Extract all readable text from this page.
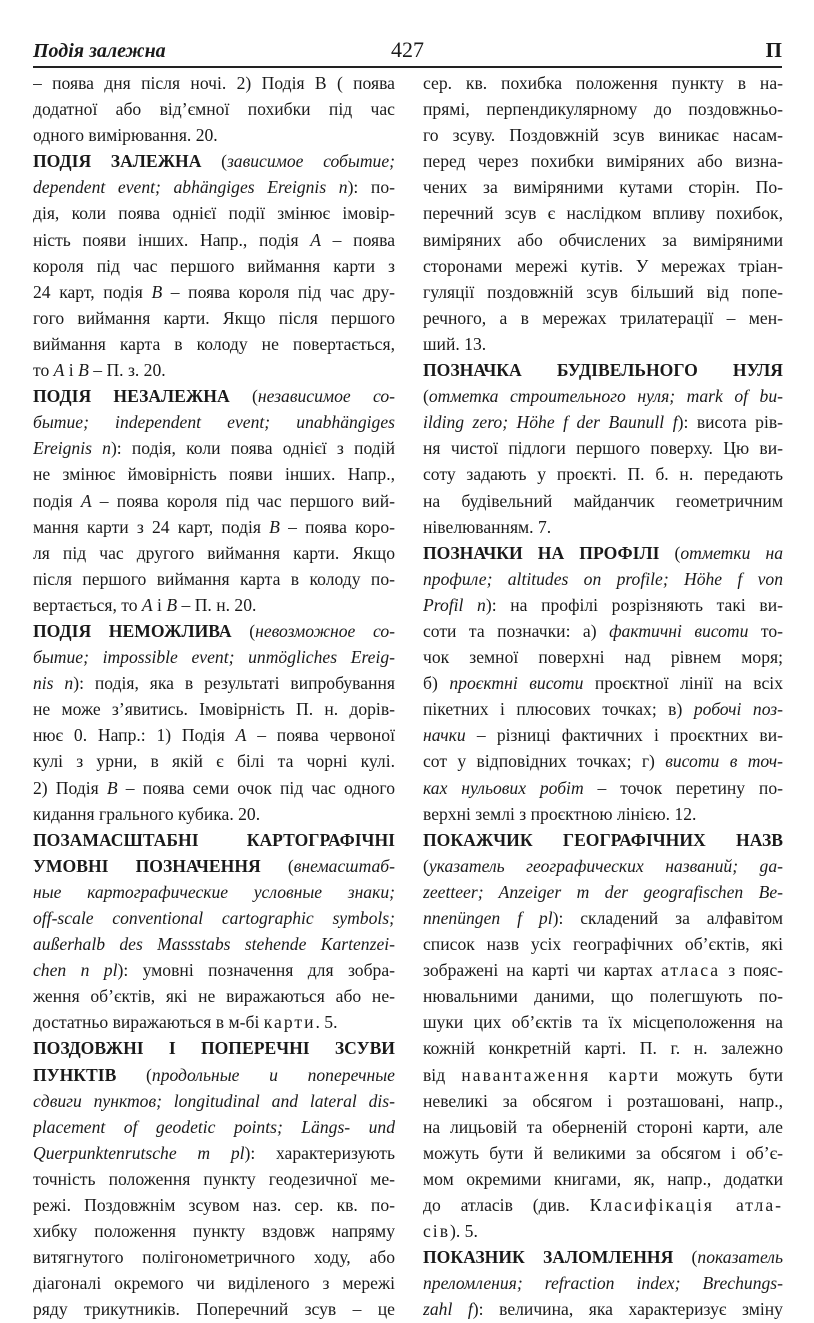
Подія залежна	427	П
– поява дня після ночі. 2) Подія В ( поява
додатної або від’ємної похибки під час
одного вимірювання. 20.
ПОДІЯ ЗАЛЕЖНА (зависимое событие;
dependent event; abhängiges Ereignis n): по-
дія, коли поява однієї події змінює імовір-
ність появи інших. Напр., подія А – поява
короля під час першого виймання карти з
24 карт, подія В – поява короля під час дру-
гого виймання карти. Якщо після першого
виймання карта в колоду не повертається,
то А і В – П. з. 20.
ПОДІЯ НЕЗАЛЕЖНА (независимое со-
бытие; independent event; unabhängiges
Ereignis n): подія, коли поява однієї з подій
не змінює ймовірність появи інших. Напр.,
подія А – поява короля під час першого вий-
мання карти з 24 карт, подія В – поява коро-
ля під час другого виймання карти. Якщо
після першого виймання карта в колоду по-
вертається, то А і В – П. н. 20.
ПОДІЯ НЕМОЖЛИВА (невозможное со-
бытие; impossible event; unmögliches Ereig-
nis n): подія, яка в результаті випробування
не може з’явитись. Імовірність П. н. дорів-
нює 0. Напр.: 1) Подія А – поява червоної
кулі з урни, в якій є білі та чорні кулі.
2) Подія В – поява семи очок під час одного
кидання грального кубика. 20.
ПОЗАМАСШТАБНІ КАРТОГРАФІЧНІ
УМОВНІ ПОЗНАЧЕННЯ (внемасштаб-
ные картографические условные знаки;
off-scale conventional cartographic symbols;
außerhalb des Massstabs stehende Kartenzei-
chen n pl): умовні позначення для зобра-
ження об’єктів, які не виражаються або не-
достатньо виражаються в м-бі карти. 5.
ПОЗДОВЖНІ І ПОПЕРЕЧНІ ЗСУВИ
ПУНКТІВ (продольные и поперечные
сдвиги пунктов; longitudinal and lateral dis-
placement of geodetic points; Längs- und
Querpunktenrutsche m pl): характеризують
точність положення пункту геодезичної ме-
режі. Поздовжнім зсувом наз. сер. кв. по-
хибку положення пункту вздовж напряму
витягнутого полігонометричного ходу, або
діагоналі окремого чи виділеного з мережі
ряду трикутників. Поперечний зсув – це
сер. кв. похибка положення пункту в на-
прямі, перпендикулярному до поздовжньо-
го зсуву. Поздовжній зсув виникає насам-
перед через похибки виміряних або визна-
чених за виміряними кутами сторін. По-
перечний зсув є наслідком впливу похибок,
виміряних або обчислених за виміряними
сторонами мережі кутів. У мережах тріан-
гуляції поздовжній зсув більший від попе-
речного, а в мережах трилатерації – мен-
ший. 13.
ПОЗНАЧКА БУДІВЕЛЬНОГО НУЛЯ
(отметка строительного нуля; mark of bu-
ilding zero; Höhe f der Baunull f): висота рів-
ня чистої підлоги першого поверху. Цю ви-
соту задають у проєкті. П. б. н. передають
на будівельний майданчик геометричним
нівелюванням. 7.
ПОЗНАЧКИ НА ПРОФІЛІ (отметки на
профиле; altitudes on profile; Höhe f von
Profil n): на профілі розрізняють такі ви-
соти та позначки: а) фактичні висоти то-
чок земної поверхні над рівнем моря;
б) проєктні висоти проєктної лінії на всіх
пікетних і плюсових точках; в) робочі поз-
начки – різниці фактичних і проєктних ви-
сот у відповідних точках; г) висоти в точ-
ках нульових робіт – точок перетину по-
верхні землі з проєктною лінією. 12.
ПОКАЖЧИК ГЕОГРАФІЧНИХ НАЗВ
(указатель географических названий; ga-
zeetteer; Anzeiger m der geografischen Be-
nnenüngen f pl): складений за алфавітом
список назв усіх географічних об’єктів, які
зображені на карті чи картах атласа з пояс-
нювальними даними, що полегшують по-
шуки цих об’єктів та їх місцеположення на
кожній конкретній карті. П. г. н. залежно
від навантаження карти можуть бути
невеликі за обсягом і розташовані, напр.,
на лицьовій та оберненій стороні карти, але
можуть бути й великими за обсягом і об’є-
мом окремими книгами, як, напр., додатки
до атласів (див. Класифікація атла-
сів). 5.
ПОКАЗНИК ЗАЛОМЛЕННЯ (показатель
преломления; refraction index; Brechungs-
zahl f): величина, яка характеризує зміну
